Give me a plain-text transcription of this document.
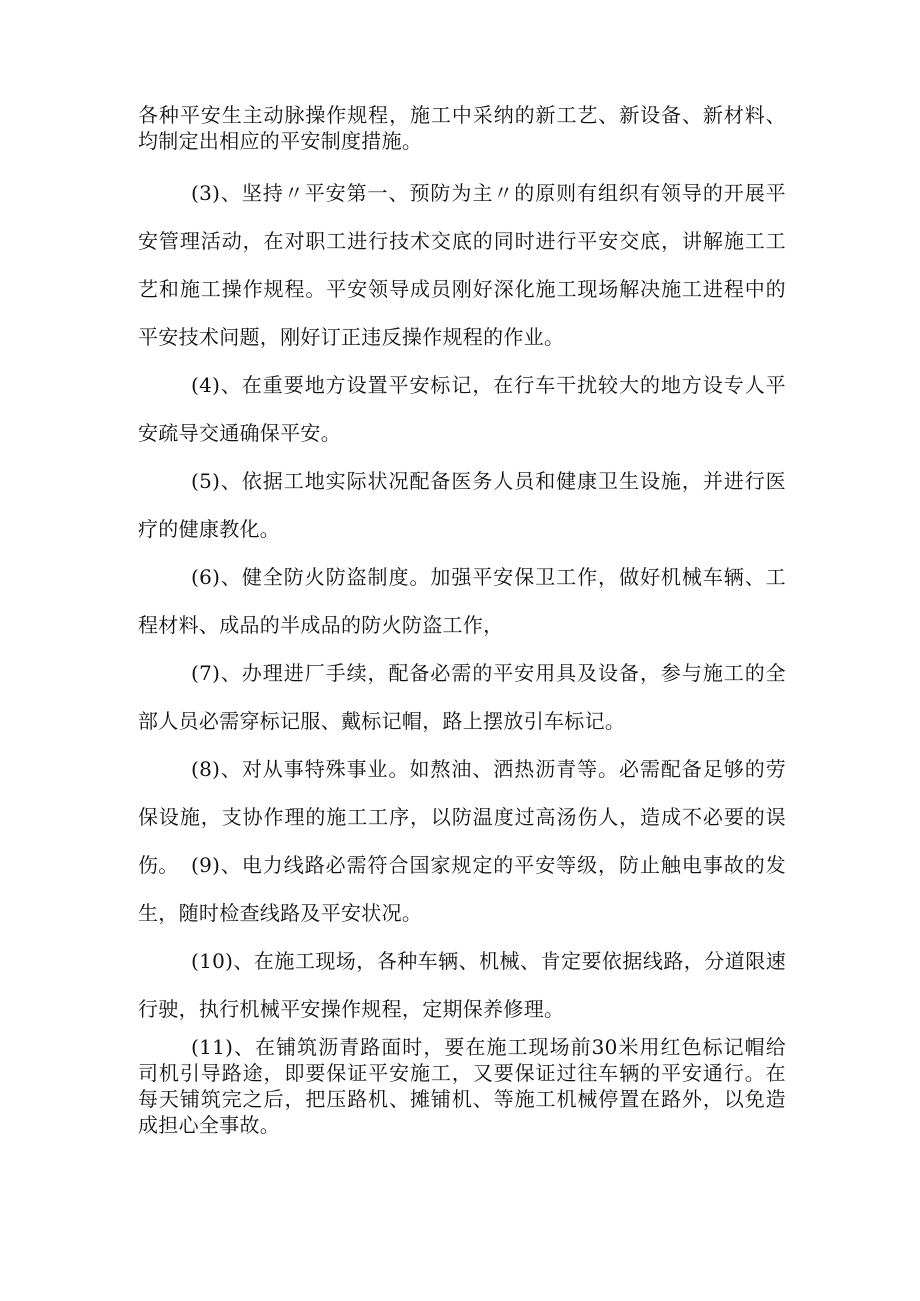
各种平安生主动脉操作规程，施工中采纳的新工艺、新设备、新材料、均制定出相应的平安制度措施。

(3)、坚持〃平安第一、预防为主〃的原则有组织有领导的开展平安管理活动，在对职工进行技术交底的同时进行平安交底，讲解施工工艺和施工操作规程。平安领导成员刚好深化施工现场解决施工进程中的平安技术问题，刚好订正违反操作规程的作业。

(4)、在重要地方设置平安标记，在行车干扰较大的地方设专人平安疏导交通确保平安。

(5)、依据工地实际状况配备医务人员和健康卫生设施，并进行医疗的健康教化。

(6)、健全防火防盗制度。加强平安保卫工作，做好机械车辆、工程材料、成品的半成品的防火防盗工作，

(7)、办理进厂手续，配备必需的平安用具及设备，参与施工的全部人员必需穿标记服、戴标记帽，路上摆放引车标记。

(8)、对从事特殊事业。如熬油、洒热沥青等。必需配备足够的劳保设施，支协作理的施工工序，以防温度过高汤伤人，造成不必要的误伤。 (9)、电力线路必需符合国家规定的平安等级，防止触电事故的发生，随时检查线路及平安状况。

(10)、在施工现场，各种车辆、机械、肯定要依据线路，分道限速行驶，执行机械平安操作规程，定期保养修理。

(11)、在铺筑沥青路面时，要在施工现场前30米用红色标记帽给司机引导路途，即要保证平安施工，又要保证过往车辆的平安通行。在每天铺筑完之后，把压路机、摊铺机、等施工机械停置在路外，以免造成担心全事故。
